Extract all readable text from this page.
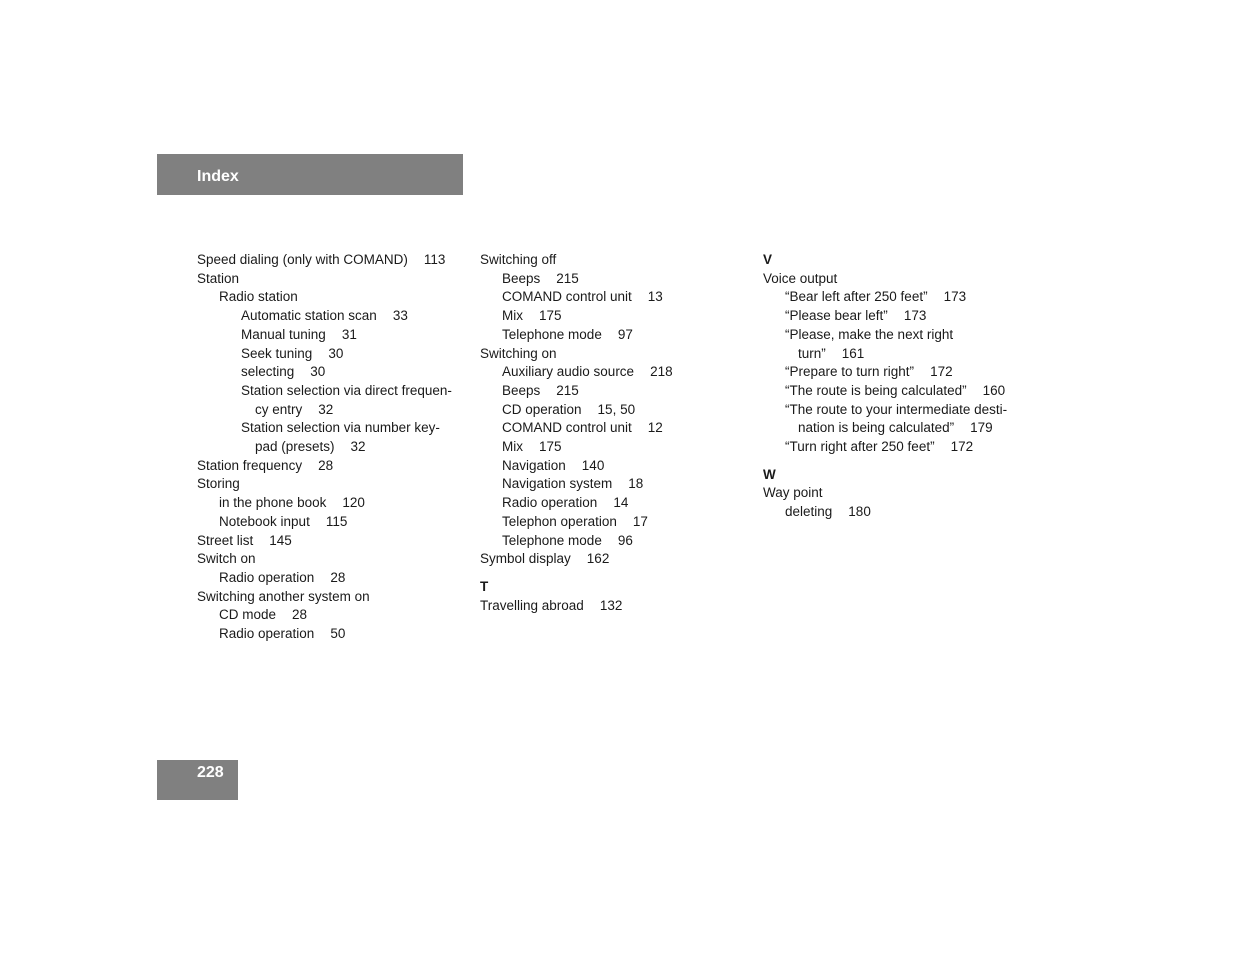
Index
Speed dialing (only with COMAND) 113
Station
Radio station
Automatic station scan 33
Manual tuning 31
Seek tuning 30
selecting 30
Station selection via direct frequen-
cy entry 32
Station selection via number key-
pad (presets) 32
Station frequency 28
Storing
in the phone book 120
Notebook input 115
Street list 145
Switch on
Radio operation 28
Switching another system on
CD mode 28
Radio operation 50
Switching off
Beeps 215
COMAND control unit 13
Mix 175
Telephone mode 97
Switching on
Auxiliary audio source 218
Beeps 215
CD operation 15, 50
COMAND control unit 12
Mix 175
Navigation 140
Navigation system 18
Radio operation 14
Telephon operation 17
Telephone mode 96
Symbol display 162
T
Travelling abroad 132
V
Voice output
“Bear left after 250 feet” 173
“Please bear left” 173
“Please, make the next right
turn” 161
“Prepare to turn right” 172
“The route is being calculated” 160
“The route to your intermediate desti-
nation is being calculated” 179
“Turn right after 250 feet” 172
W
Way point
deleting 180
228
